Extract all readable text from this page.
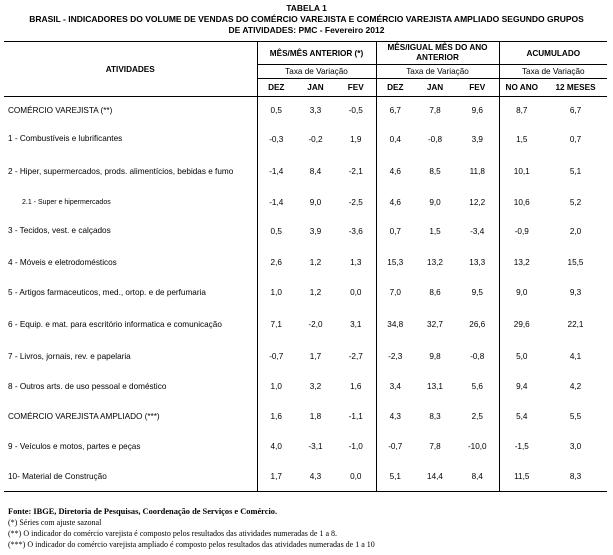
TABELA 1
BRASIL - INDICADORES DO VOLUME DE VENDAS DO COMÉRCIO VAREJISTA E COMÉRCIO VAREJISTA AMPLIADO SEGUNDO GRUPOS
DE ATIVIDADES: PMC - Fevereiro 2012
ATIVIDADES	MÊS/MÊS ANTERIOR (*)			MÊS/IGUAL MÊS DO ANO ANTERIOR			ACUMULADO	
	Taxa de Variação			Taxa de Variação			Taxa de Variação	
	DEZ	JAN	FEV	DEZ	JAN	FEV	NO ANO	12 MESES
COMÉRCIO VAREJISTA (**)	0,5	3,3	-0,5	6,7	7,8	9,6	8,7	6,7
1 - Combustíveis e lubrificantes	-0,3	-0,2	1,9	0,4	-0,8	3,9	1,5	0,7
2 - Hiper, supermercados, prods. alimentícios, bebidas e fumo	-1,4	8,4	-2,1	4,6	8,5	11,8	10,1	5,1
2.1 - Super e hipermercados	-1,4	9,0	-2,5	4,6	9,0	12,2	10,6	5,2
3 - Tecidos, vest. e calçados	0,5	3,9	-3,6	0,7	1,5	-3,4	-0,9	2,0
4 - Móveis e eletrodomésticos	2,6	1,2	1,3	15,3	13,2	13,3	13,2	15,5
5 - Artigos farmaceuticos, med., ortop. e de perfumaria	1,0	1,2	0,0	7,0	8,6	9,5	9,0	9,3
6 - Equip. e mat. para escritório informatica e comunicação	7,1	-2,0	3,1	34,8	32,7	26,6	29,6	22,1
7 - Livros, jornais, rev. e papelaria	-0,7	1,7	-2,7	-2,3	9,8	-0,8	5,0	4,1
8 - Outros arts. de uso pessoal e doméstico	1,0	3,2	1,6	3,4	13,1	5,6	9,4	4,2
COMÉRCIO VAREJISTA AMPLIADO (***)	1,6	1,8	-1,1	4,3	8,3	2,5	5,4	5,5
9 - Veículos e motos, partes e peças	4,0	-3,1	-1,0	-0,7	7,8	-10,0	-1,5	3,0
10- Material de Construção	1,7	4,3	0,0	5,1	14,4	8,4	11,5	8,3
Fonte: IBGE, Diretoria de Pesquisas, Coordenação de Serviços e Comércio.
(*) Séries com ajuste sazonal
(**) O indicador do comércio varejista é composto pelos resultados das atividades numeradas de 1 a 8.
(***) O indicador do comércio varejista ampliado é composto pelos resultados das atividades numeradas de 1 a 10
